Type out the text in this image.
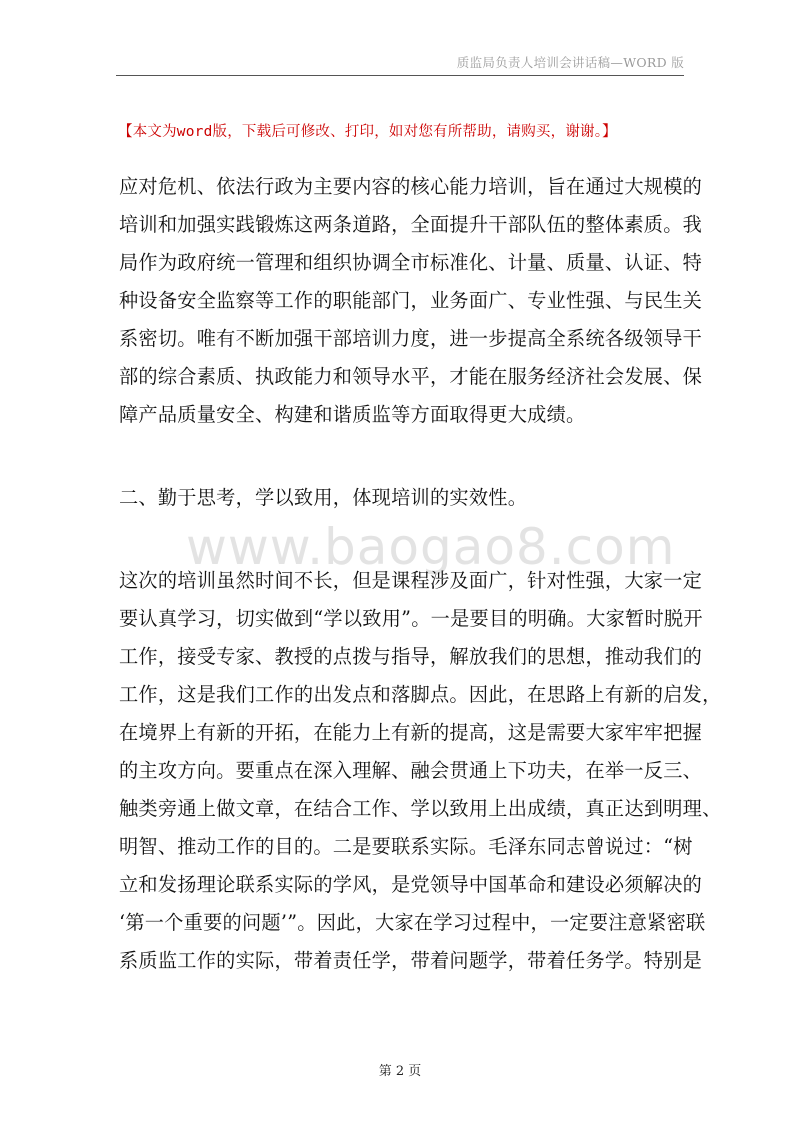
质监局负责人培训会讲话稿—WORD 版
【本文为word版，下载后可修改、打印，如对您有所帮助，请购买，谢谢。】
应对危机、依法行政为主要内容的核心能力培训，旨在通过大规模的
培训和加强实践锻炼这两条道路，全面提升干部队伍的整体素质。我
局作为政府统一管理和组织协调全市标准化、计量、质量、认证、特
种设备安全监察等工作的职能部门，业务面广、专业性强、与民生关
系密切。唯有不断加强干部培训力度，进一步提高全系统各级领导干
部的综合素质、执政能力和领导水平，才能在服务经济社会发展、保
障产品质量安全、构建和谐质监等方面取得更大成绩。
二、勤于思考，学以致用，体现培训的实效性。
www.baogao8.com
这次的培训虽然时间不长，但是课程涉及面广，针对性强，大家一定
要认真学习，切实做到“学以致用”。一是要目的明确。大家暂时脱开
工作，接受专家、教授的点拨与指导，解放我们的思想，推动我们的
工作，这是我们工作的出发点和落脚点。因此，在思路上有新的启发，
在境界上有新的开拓，在能力上有新的提高，这是需要大家牢牢把握
的主攻方向。要重点在深入理解、融会贯通上下功夫，在举一反三、
触类旁通上做文章，在结合工作、学以致用上出成绩，真正达到明理、
明智、推动工作的目的。二是要联系实际。毛泽东同志曾说过：“树
立和发扬理论联系实际的学风，是党领导中国革命和建设必须解决的
‘第一个重要的问题’”。因此，大家在学习过程中，一定要注意紧密联
系质监工作的实际，带着责任学，带着问题学，带着任务学。特别是
第 2 页
